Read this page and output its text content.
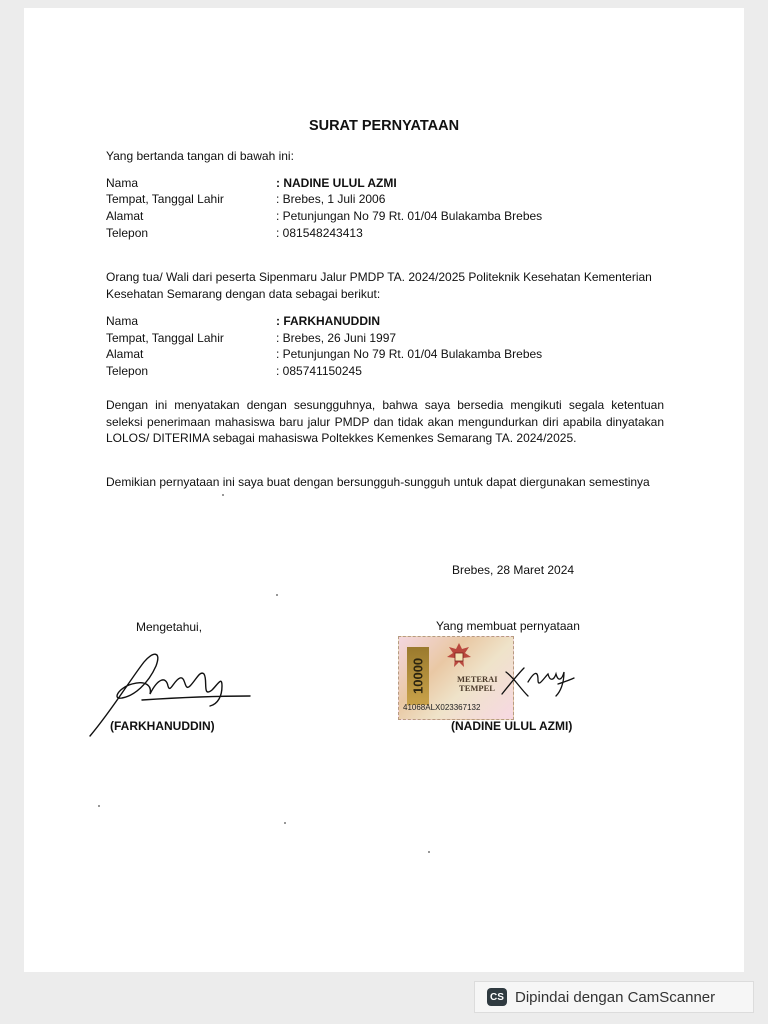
SURAT PERNYATAAN
Yang bertanda tangan di bawah ini:
Nama	: NADINE ULUL AZMI
Tempat, Tanggal Lahir	: Brebes, 1 Juli 2006
Alamat	: Petunjungan No 79 Rt. 01/04 Bulakamba Brebes
Telepon	: 081548243413
Orang tua/ Wali dari peserta Sipenmaru Jalur PMDP TA. 2024/2025 Politeknik Kesehatan Kementerian Kesehatan Semarang dengan data sebagai berikut:
Nama	: FARKHANUDDIN
Tempat, Tanggal Lahir	: Brebes, 26 Juni 1997
Alamat	: Petunjungan No 79 Rt. 01/04 Bulakamba Brebes
Telepon	: 085741150245
Dengan ini menyatakan dengan sesungguhnya, bahwa saya bersedia mengikuti segala ketentuan seleksi penerimaan mahasiswa baru jalur PMDP dan tidak akan mengundurkan diri apabila dinyatakan LOLOS/ DITERIMA sebagai mahasiswa Poltekkes Kemenkes Semarang TA. 2024/2025.
Demikian pernyataan ini saya buat dengan bersungguh-sungguh untuk dapat diergunakan semestinya
Brebes, 28 Maret 2024
Mengetahui,	Yang membuat pernyataan
10000	METERAI TEMPEL
41068ALX023367132
(FARKHANUDDIN)	(NADINE ULUL AZMI)
CS Dipindai dengan CamScanner
